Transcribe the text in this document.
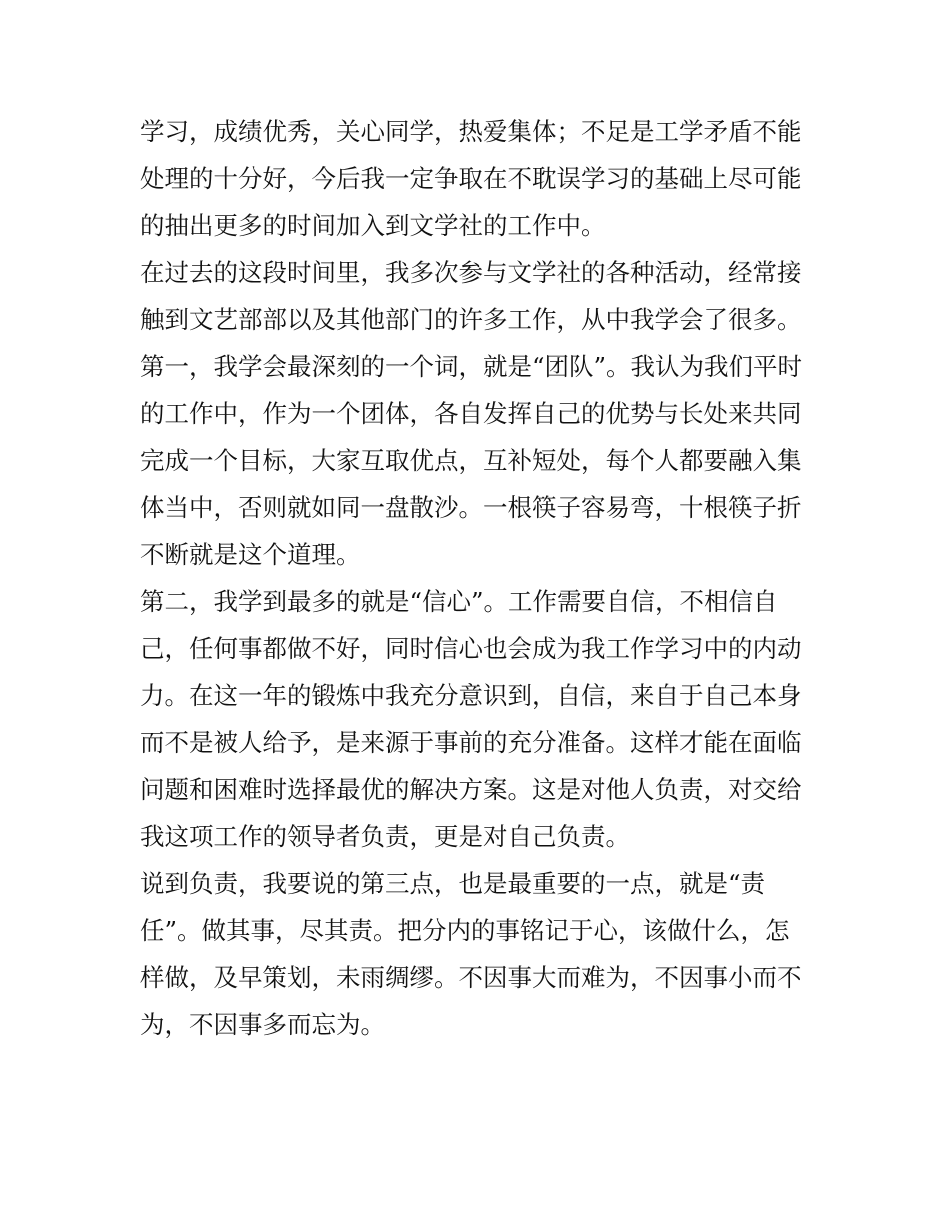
学习，成绩优秀，关心同学，热爱集体；不足是工学矛盾不能
处理的十分好，今后我一定争取在不耽误学习的基础上尽可能
的抽出更多的时间加入到文学社的工作中。
在过去的这段时间里，我多次参与文学社的各种活动，经常接
触到文艺部部以及其他部门的许多工作，从中我学会了很多。
第一，我学会最深刻的一个词，就是“团队”。我认为我们平时
的工作中，作为一个团体，各自发挥自己的优势与长处来共同
完成一个目标，大家互取优点，互补短处，每个人都要融入集
体当中，否则就如同一盘散沙。一根筷子容易弯，十根筷子折
不断就是这个道理。
第二，我学到最多的就是“信心”。工作需要自信，不相信自
己，任何事都做不好，同时信心也会成为我工作学习中的内动
力。在这一年的锻炼中我充分意识到，自信，来自于自己本身
而不是被人给予，是来源于事前的充分准备。这样才能在面临
问题和困难时选择最优的解决方案。这是对他人负责，对交给
我这项工作的领导者负责，更是对自己负责。
说到负责，我要说的第三点，也是最重要的一点，就是“责
任”。做其事，尽其责。把分内的事铭记于心，该做什么，怎
样做，及早策划，未雨绸缪。不因事大而难为，不因事小而不
为，不因事多而忘为。
